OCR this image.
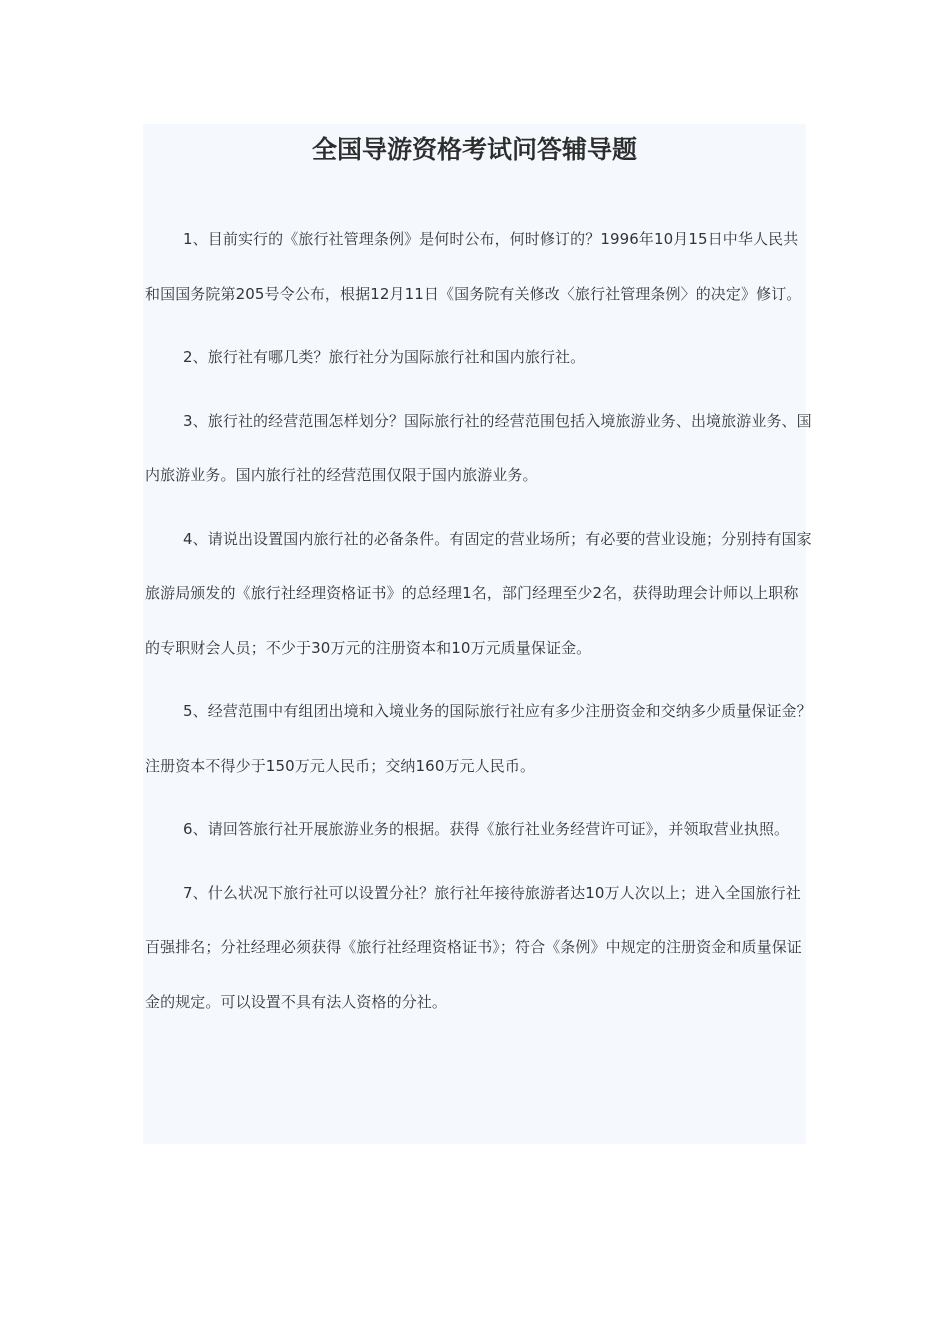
全国导游资格考试问答辅导题

1、目前实行的《旅行社管理条例》是何时公布，何时修订的？1996年10月15日中华人民共和国国务院第205号令公布，根据12月11日《国务院有关修改〈旅行社管理条例〉的决定》修订。

2、旅行社有哪几类？旅行社分为国际旅行社和国内旅行社。

3、旅行社的经营范围怎样划分？国际旅行社的经营范围包括入境旅游业务、出境旅游业务、国内旅游业务。国内旅行社的经营范围仅限于国内旅游业务。

4、请说出设置国内旅行社的必备条件。有固定的营业场所；有必要的营业设施；分别持有国家旅游局颁发的《旅行社经理资格证书》的总经理1名，部门经理至少2名，获得助理会计师以上职称的专职财会人员；不少于30万元的注册资本和10万元质量保证金。

5、经营范围中有组团出境和入境业务的国际旅行社应有多少注册资金和交纳多少质量保证金？注册资本不得少于150万元人民币；交纳160万元人民币。

6、请回答旅行社开展旅游业务的根据。获得《旅行社业务经营许可证》，并领取营业执照。

7、什么状况下旅行社可以设置分社？旅行社年接待旅游者达10万人次以上；进入全国旅行社百强排名；分社经理必须获得《旅行社经理资格证书》；符合《条例》中规定的注册资金和质量保证金的规定。可以设置不具有法人资格的分社。
